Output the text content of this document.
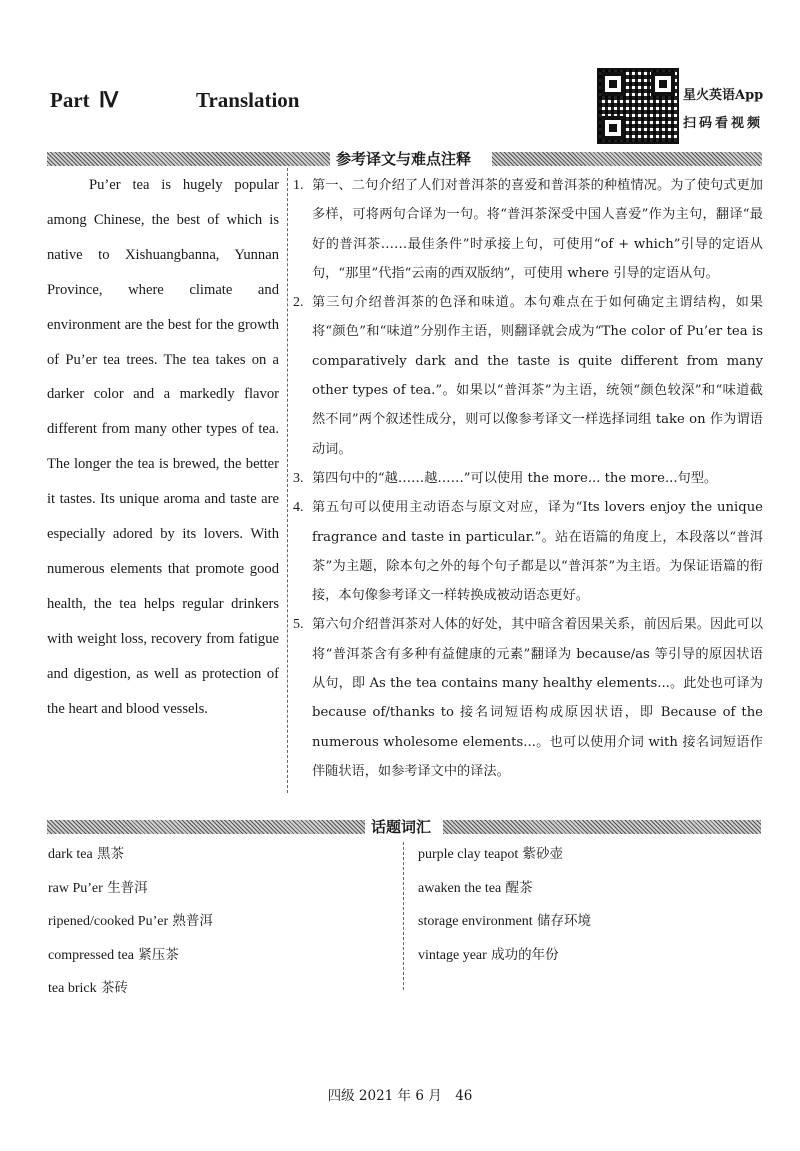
Part Ⅳ	Translation	星火英语App
扫码看视频
参考译文与难点注释

Pu’er tea is hugely popular among Chinese, the best of which is native to Xishuangbanna, Yunnan Province, where climate and environment are the best for the growth of Pu’er tea trees. The tea takes on a darker color and a markedly flavor different from many other types of tea. The longer the tea is brewed, the better it tastes. Its unique aroma and taste are especially adored by its lovers. With numerous elements that promote good health, the tea helps regular drinkers with weight loss, recovery from fatigue and digestion, as well as protection of the heart and blood vessels.

1. 第一、二句介绍了人们对普洱茶的喜爱和普洱茶的种植情况。为了使句式更加多样，可将两句合译为一句。将“普洱茶深受中国人喜爱”作为主句，翻译“最好的普洱茶……最佳条件”时承接上句，可使用“of + which”引导的定语从句，“那里”代指“云南的西双版纳”，可使用 where 引导的定语从句。
2. 第三句介绍普洱茶的色泽和味道。本句难点在于如何确定主谓结构，如果将“颜色”和“味道”分别作主语，则翻译就会成为“The color of Pu’er tea is comparatively dark and the taste is quite different from many other types of tea.”。如果以“普洱茶”为主语，统领“颜色较深”和“味道截然不同”两个叙述性成分，则可以像参考译文一样选择词组 take on 作为谓语动词。
3. 第四句中的“越……越……”可以使用 the more... the more...句型。
4. 第五句可以使用主动语态与原文对应，译为“Its lovers enjoy the unique fragrance and taste in particular.”。站在语篇的角度上，本段落以“普洱茶”为主题，除本句之外的每个句子都是以“普洱茶”为主语。为保证语篇的衔接，本句像参考译文一样转换成被动语态更好。
5. 第六句介绍普洱茶对人体的好处，其中暗含着因果关系，前因后果。因此可以将“普洱茶含有多种有益健康的元素”翻译为 because/as 等引导的原因状语从句，即 As the tea contains many healthy elements...。此处也可译为 because of/thanks to 接名词短语构成原因状语，即 Because of the numerous wholesome elements...。也可以使用介词 with 接名词短语作伴随状语，如参考译文中的译法。
话题词汇
dark tea 黑茶
raw Pu’er 生普洱
ripened/cooked Pu’er 熟普洱
compressed tea 紧压茶
tea brick 茶砖
purple clay teapot 紫砂壶
awaken the tea 醒茶
storage environment 储存环境
vintage year 成功的年份
四级 2021 年 6 月　46
